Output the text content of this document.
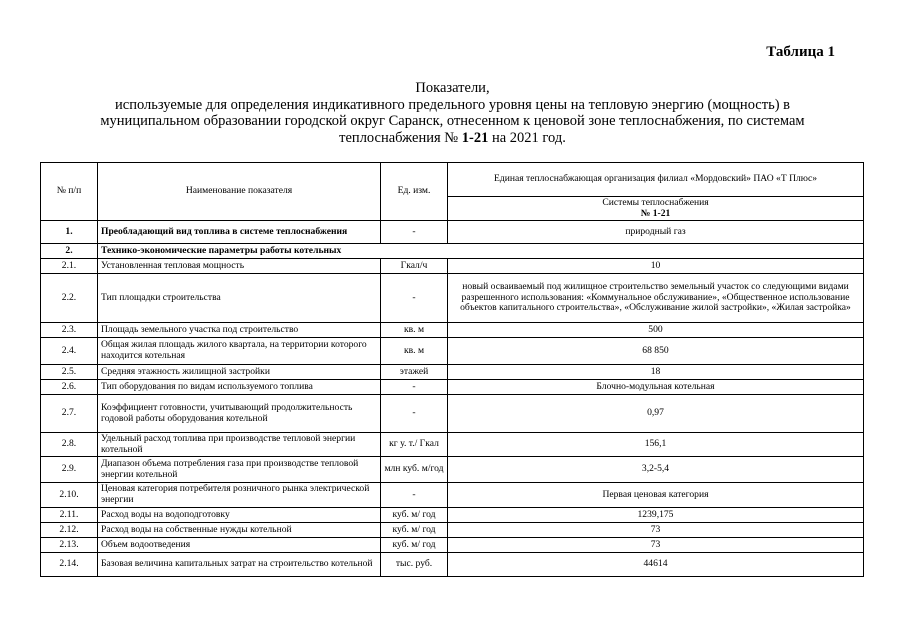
Таблица 1
Показатели,
используемые для определения индикативного предельного уровня цены на тепловую энергию (мощность) в
муниципальном образовании городской округ Саранск, отнесенном к ценовой зоне теплоснабжения, по системам
теплоснабжения № 1-21 на 2021 год.
№ п/п	Наименование показателя	Ед. изм.	Единая теплоснабжающая организация филиал «Мордовский» ПАО «Т Плюс»

			Системы теплоснабжения
№ 1-21

1.	Преобладающий вид топлива в системе теплоснабжения	-	природный газ
2.	Технико-экономические параметры работы котельных		
2.1.	Установленная тепловая мощность	Гкал/ч	10
2.2.	Тип площадки строительства	-	новый осваиваемый под жилищное строительство земельный участок со следующими видами разрешенного использования: «Коммунальное обслуживание», «Общественное использование объектов капитального строительства», «Обслуживание жилой застройки», «Жилая застройка»
2.3.	Площадь земельного участка под строительство	кв. м	500
2.4.	Общая жилая площадь жилого квартала, на территории которого находится котельная	кв. м	68 850
2.5.	Средняя этажность жилищной застройки	этажей	18
2.6.	Тип оборудования по видам используемого топлива	-	Блочно-модульная котельная
2.7.	Коэффициент готовности, учитывающий продолжительность годовой работы оборудования котельной	-	0,97
2.8.	Удельный расход топлива при производстве тепловой энергии котельной	кг у. т./ Гкал	156,1
2.9.	Диапазон объема потребления газа при производстве тепловой энергии котельной	млн куб. м/год	3,2-5,4
2.10.	Ценовая категория потребителя розничного рынка электрической энергии	-	Первая ценовая категория
2.11.	Расход воды на водоподготовку	куб. м/ год	1239,175
2.12.	Расход воды на собственные нужды котельной	куб. м/ год	73
2.13.	Объем водоотведения	куб. м/ год	73
2.14.	Базовая величина капитальных затрат на строительство котельной	тыс. руб.	44614
